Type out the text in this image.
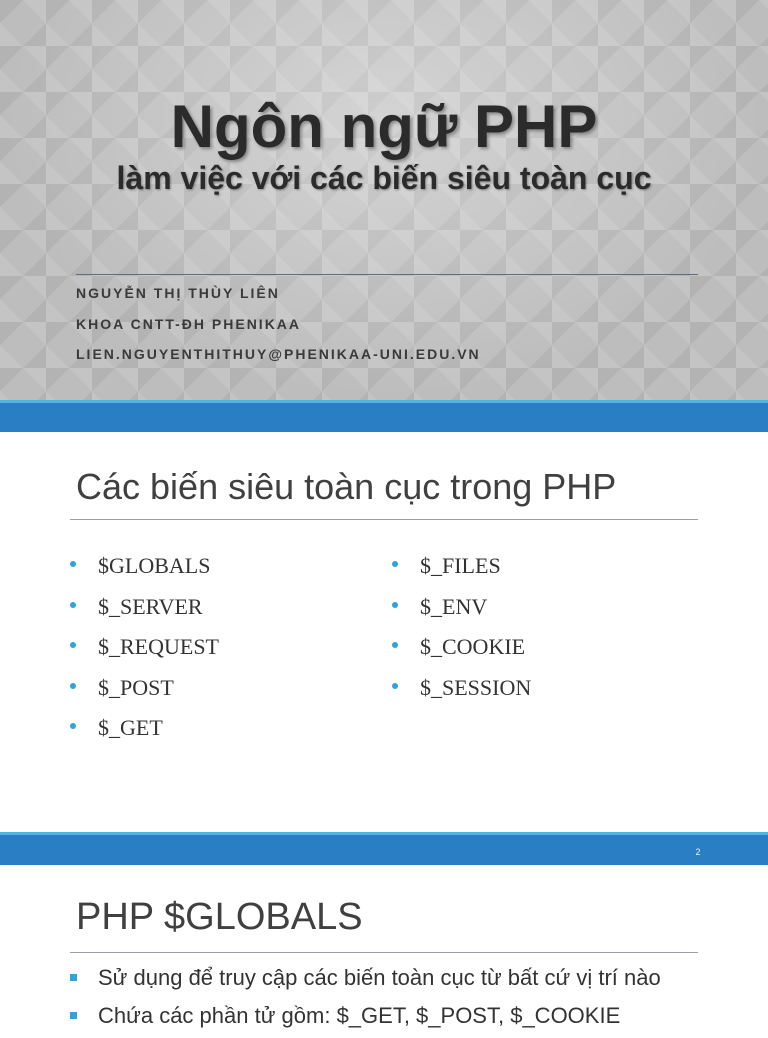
Ngôn ngữ PHP
làm việc với các biến siêu toàn cục

NGUYỄN THỊ THÙY LIÊN

KHOA CNTT-ĐH PHENIKAA

LIEN.NGUYENTHITHUY@PHENIKAA-UNI.EDU.VN

Các biến siêu toàn cục trong PHP
$GLOBALS
$_SERVER
$_REQUEST
$_POST
$_GET
$_FILES
$_ENV
$_COOKIE
$_SESSION
2
PHP $GLOBALS
Sử dụng để truy cập các biến toàn cục từ bất cứ vị trí nào
Chứa các phần tử gồm: $_GET, $_POST, $_COOKIE
